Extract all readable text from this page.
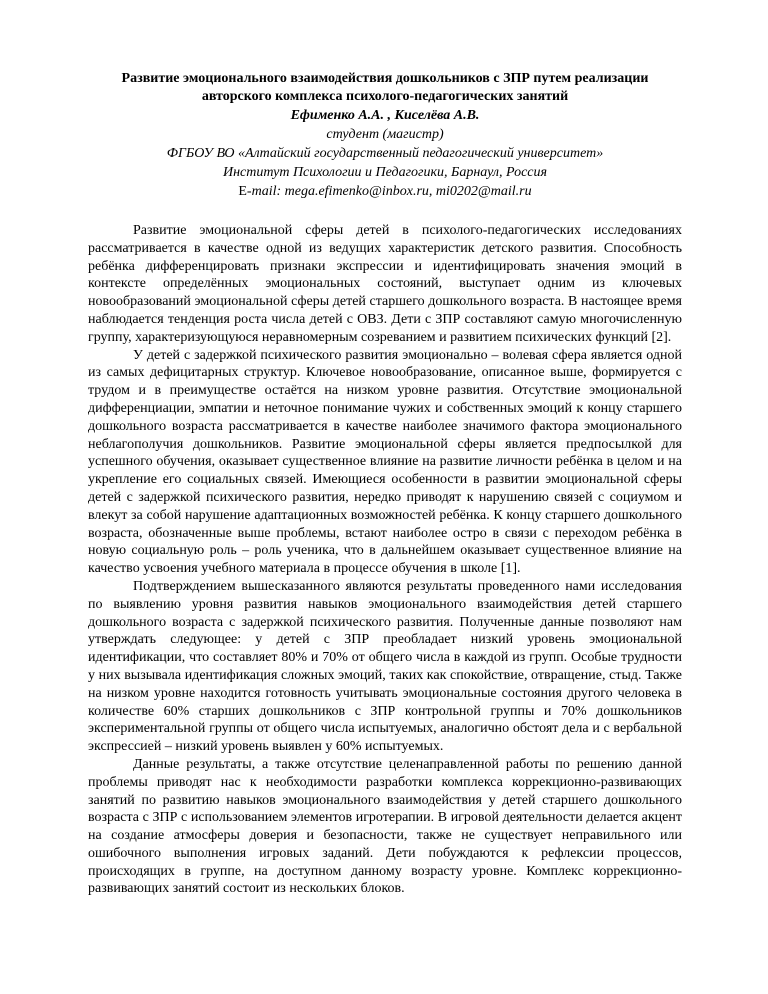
Развитие эмоционального взаимодействия дошкольников с ЗПР путем реализации

авторского комплекса психолого-педагогических занятий

Ефименко А.А. , Киселёва А.В.

студент (магистр)

ФГБОУ ВО «Алтайский государственный педагогический университет»

Институт Психологии и Педагогики, Барнаул, Россия

E-mail: mega.efimenko@inbox.ru, mi0202@mail.ru

Развитие эмоциональной сферы детей в психолого-педагогических исследованиях рассматривается в качестве одной из ведущих характеристик детского развития. Способность ребёнка дифференцировать признаки экспрессии и идентифицировать значения эмоций в контексте определённых эмоциональных состояний, выступает одним из ключевых новообразований эмоциональной сферы детей старшего дошкольного возраста. В настоящее время наблюдается тенденция роста числа детей с ОВЗ. Дети с ЗПР составляют самую многочисленную группу, характеризующуюся неравномерным созреванием и развитием психических функций [2].

У детей с задержкой психического развития эмоционально – волевая сфера является одной из самых дефицитарных структур. Ключевое новообразование, описанное выше, формируется с трудом и в преимуществе остаётся на низком уровне развития. Отсутствие эмоциональной дифференциации, эмпатии и неточное понимание чужих и собственных эмоций к концу старшего дошкольного возраста рассматривается в качестве наиболее значимого фактора эмоционального неблагополучия дошкольников. Развитие эмоциональной сферы является предпосылкой для успешного обучения, оказывает существенное влияние на развитие личности ребёнка в целом и на укрепление его социальных связей. Имеющиеся особенности в развитии эмоциональной сферы детей с задержкой психического развития, нередко приводят к нарушению связей с социумом и влекут за собой нарушение адаптационных возможностей ребёнка. К концу старшего дошкольного возраста, обозначенные выше проблемы, встают наиболее остро в связи с переходом ребёнка в новую социальную роль – роль ученика, что в дальнейшем оказывает существенное влияние на качество усвоения учебного материала в процессе обучения в школе [1].

Подтверждением вышесказанного являются результаты проведенного нами исследования по выявлению уровня развития навыков эмоционального взаимодействия детей старшего дошкольного возраста с задержкой психического развития. Полученные данные позволяют нам утверждать следующее: у детей с ЗПР преобладает низкий уровень эмоциональной идентификации, что составляет 80% и 70% от общего числа в каждой из групп. Особые трудности у них вызывала идентификация сложных эмоций, таких как спокойствие, отвращение, стыд. Также на низком уровне находится готовность учитывать эмоциональные состояния другого человека в количестве 60% старших дошкольников с ЗПР контрольной группы и 70% дошкольников экспериментальной группы от общего числа испытуемых, аналогично обстоят дела и с вербальной экспрессией – низкий уровень выявлен у 60% испытуемых.

Данные результаты, а также отсутствие целенаправленной работы по решению данной проблемы приводят нас к необходимости разработки комплекса коррекционно-развивающих занятий по развитию навыков эмоционального взаимодействия у детей старшего дошкольного возраста с ЗПР с использованием элементов игротерапии. В игровой деятельности делается акцент на создание атмосферы доверия и безопасности, также не существует неправильного или ошибочного выполнения игровых заданий. Дети побуждаются к рефлексии процессов, происходящих в группе, на доступном данному возрасту уровне. Комплекс коррекционно-развивающих занятий состоит из нескольких блоков.
